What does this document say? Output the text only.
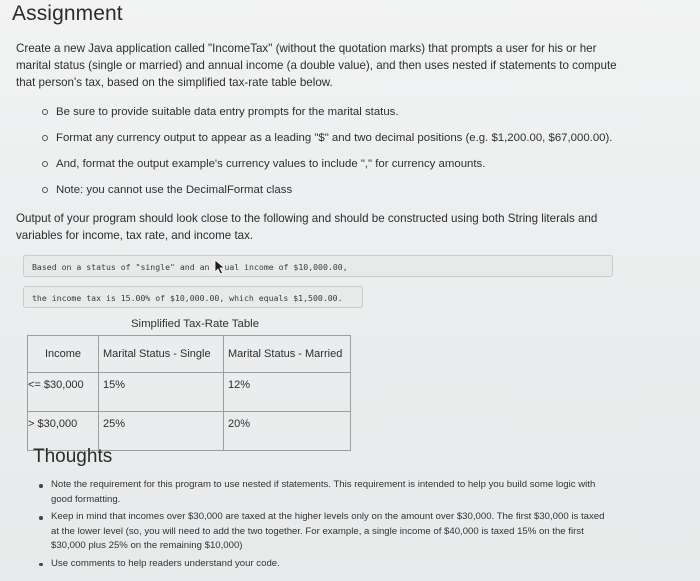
Assignment
Create a new Java application called "IncomeTax" (without the quotation marks) that prompts a user for his or her marital status (single or married) and annual income (a double value), and then uses nested if statements to compute that person's tax, based on the simplified tax-rate table below.
Be sure to provide suitable data entry prompts for the marital status.
Format any currency output to appear as a leading "$" and two decimal positions (e.g. $1,200.00, $67,000.00).
And, format the output example's currency values to include "," for currency amounts.
Note: you cannot use the DecimalFormat class
Output of your program should look close to the following and should be constructed using both String literals and variables for income, tax rate, and income tax.
Based on a status of "single" and an
ual income of $10,000.00,
the income tax is 15.00% of $10,000.00, which equals $1,500.00.
Simplified Tax-Rate Table
Income	Marital Status - Single	Marital Status - Married
<= $30,000	15%	12%
> $30,000	25%	20%
Thoughts
Note the requirement for this program to use nested if statements. This requirement is intended to help you build some logic with good formatting.
Keep in mind that incomes over $30,000 are taxed at the higher levels only on the amount over $30,000. The first $30,000 is taxed at the lower level (so, you will need to add the two together. For example, a single income of $40,000 is taxed 15% on the first $30,000 plus 25% on the remaining $10,000)
Use comments to help readers understand your code.
